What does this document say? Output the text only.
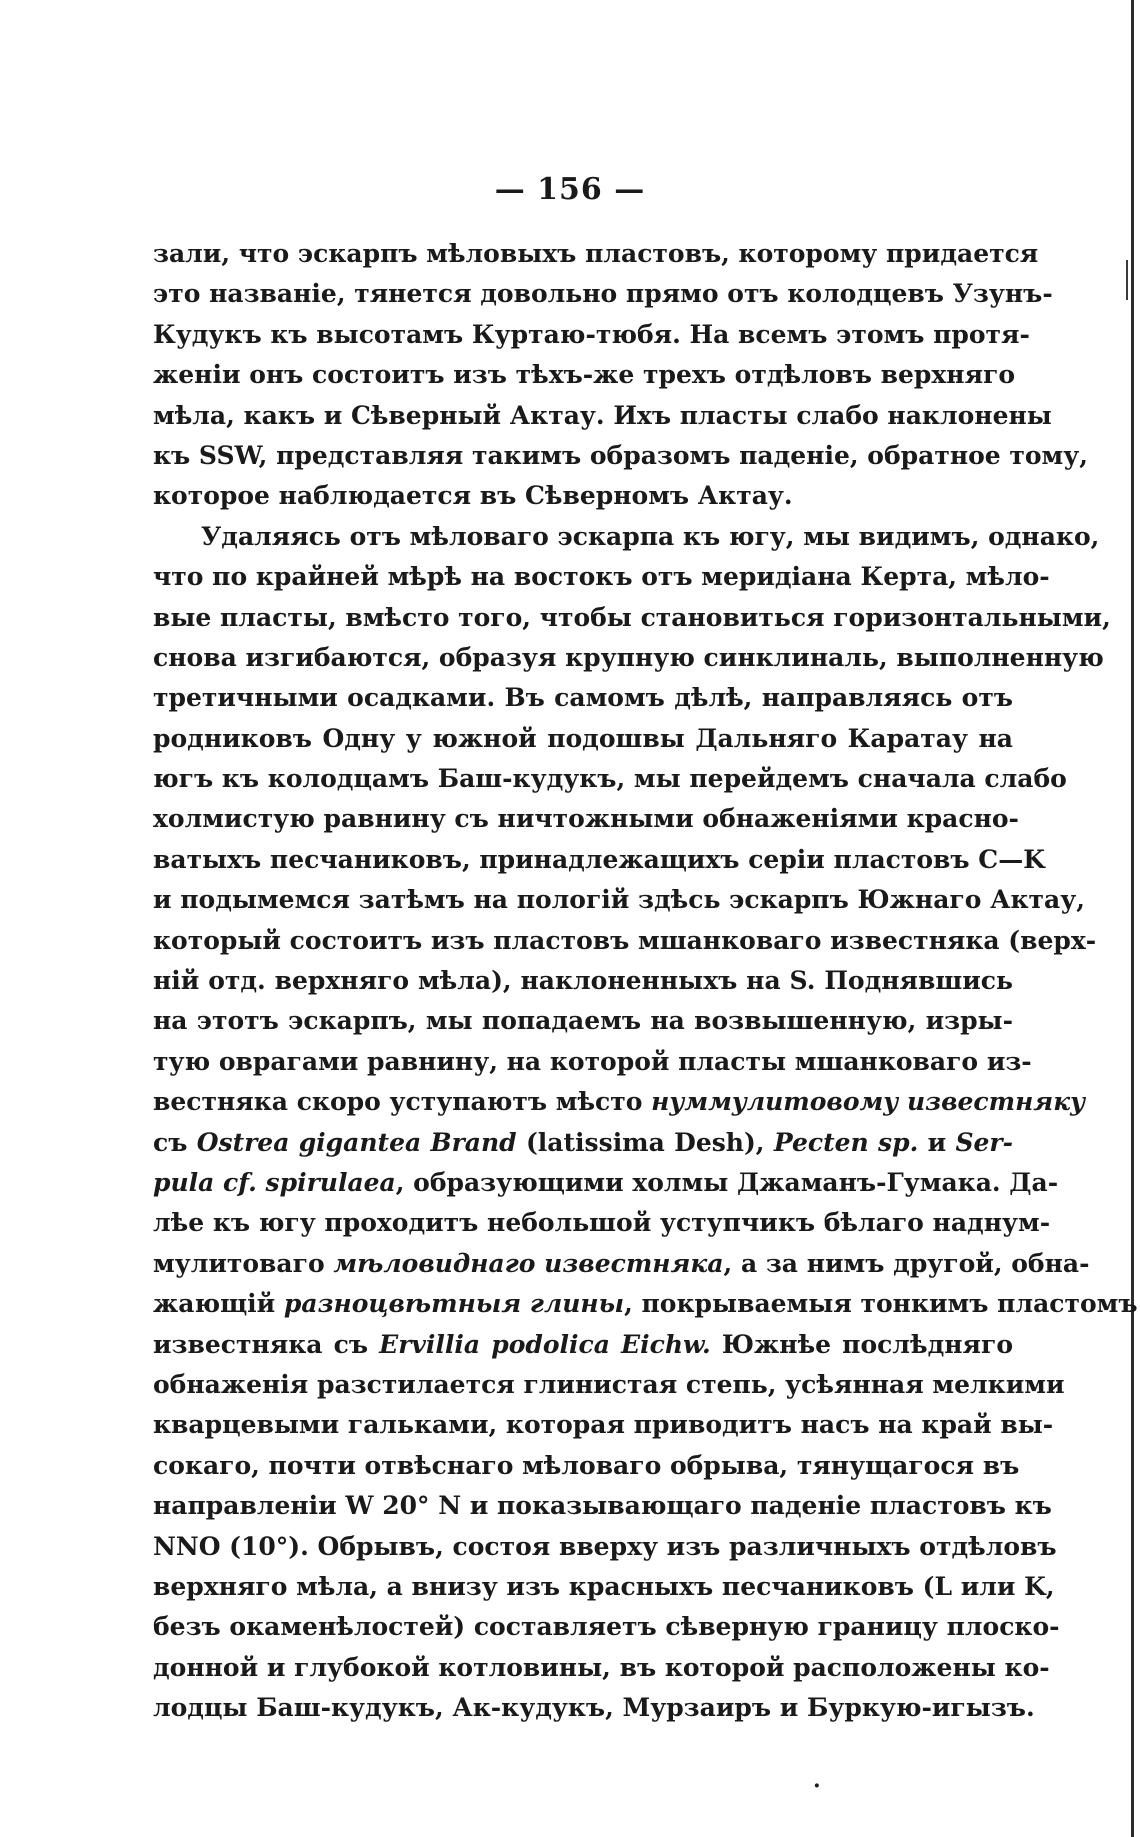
— 156 —
зали, что эскарпъ мѣловыхъ пластовъ, которому придается
это названіе, тянется довольно прямо отъ колодцевъ Узунъ-
Кудукъ къ высотамъ Куртаю-тюбя. На всемъ этомъ протя-
женіи онъ состоитъ изъ тѣхъ-же трехъ отдѣловъ верхняго
мѣла, какъ и Сѣверный Актау. Ихъ пласты слабо наклонены
къ SSW, представляя такимъ образомъ паденіе, обратное тому,
которое наблюдается въ Сѣверномъ Актау.
Удаляясь отъ мѣловаго эскарпа къ югу, мы видимъ, однако,
что по крайней мѣрѣ на востокъ отъ меридіана Керта, мѣло-
вые пласты, вмѣсто того, чтобы становиться горизонтальными,
снова изгибаются, образуя крупную синклиналь, выполненную
третичными осадками. Въ самомъ дѣлѣ, направляясь отъ
родниковъ Одну у южной подошвы Дальняго Каратау на
югъ къ колодцамъ Баш-кудукъ, мы перейдемъ сначала слабо
холмистую равнину съ ничтожными обнаженіями красно-
ватыхъ песчаниковъ, принадлежащихъ серіи пластовъ C—K
и подымемся затѣмъ на пологій здѣсь эскарпъ Южнаго Актау,
который состоитъ изъ пластовъ мшанковаго известняка (верх-
ній отд. верхняго мѣла), наклоненныхъ на S. Поднявшись
на этотъ эскарпъ, мы попадаемъ на возвышенную, изры-
тую оврагами равнину, на которой пласты мшанковаго из-
вестняка скоро уступаютъ мѣсто нуммулитовому известняку
съ Ostrea gigantea Brand (latissima Desh), Pecten sp. и Ser-
pula cf. spirulaea, образующими холмы Джаманъ-Гумака. Да-
лѣе къ югу проходитъ небольшой уступчикъ бѣлаго наднум-
мулитоваго мѣловиднаго известняка, а за нимъ другой, обна-
жающій разноцвѣтныя глины, покрываемыя тонкимъ пластомъ
известняка съ Ervillia podolica Eichw. Южнѣе послѣдняго
обнаженія разстилается глинистая степь, усѣянная мелкими
кварцевыми гальками, которая приводитъ насъ на край вы-
сокаго, почти отвѣснаго мѣловаго обрыва, тянущагося въ
направленіи W 20° N и показывающаго паденіе пластовъ къ
NNO (10°). Обрывъ, состоя вверху изъ различныхъ отдѣловъ
верхняго мѣла, а внизу изъ красныхъ песчаниковъ (L или K,
безъ окаменѣлостей) составляетъ сѣверную границу плоско-
донной и глубокой котловины, въ которой расположены ко-
лодцы Баш-кудукъ, Ак-кудукъ, Мурзаиръ и Буркую-игызъ.
·
